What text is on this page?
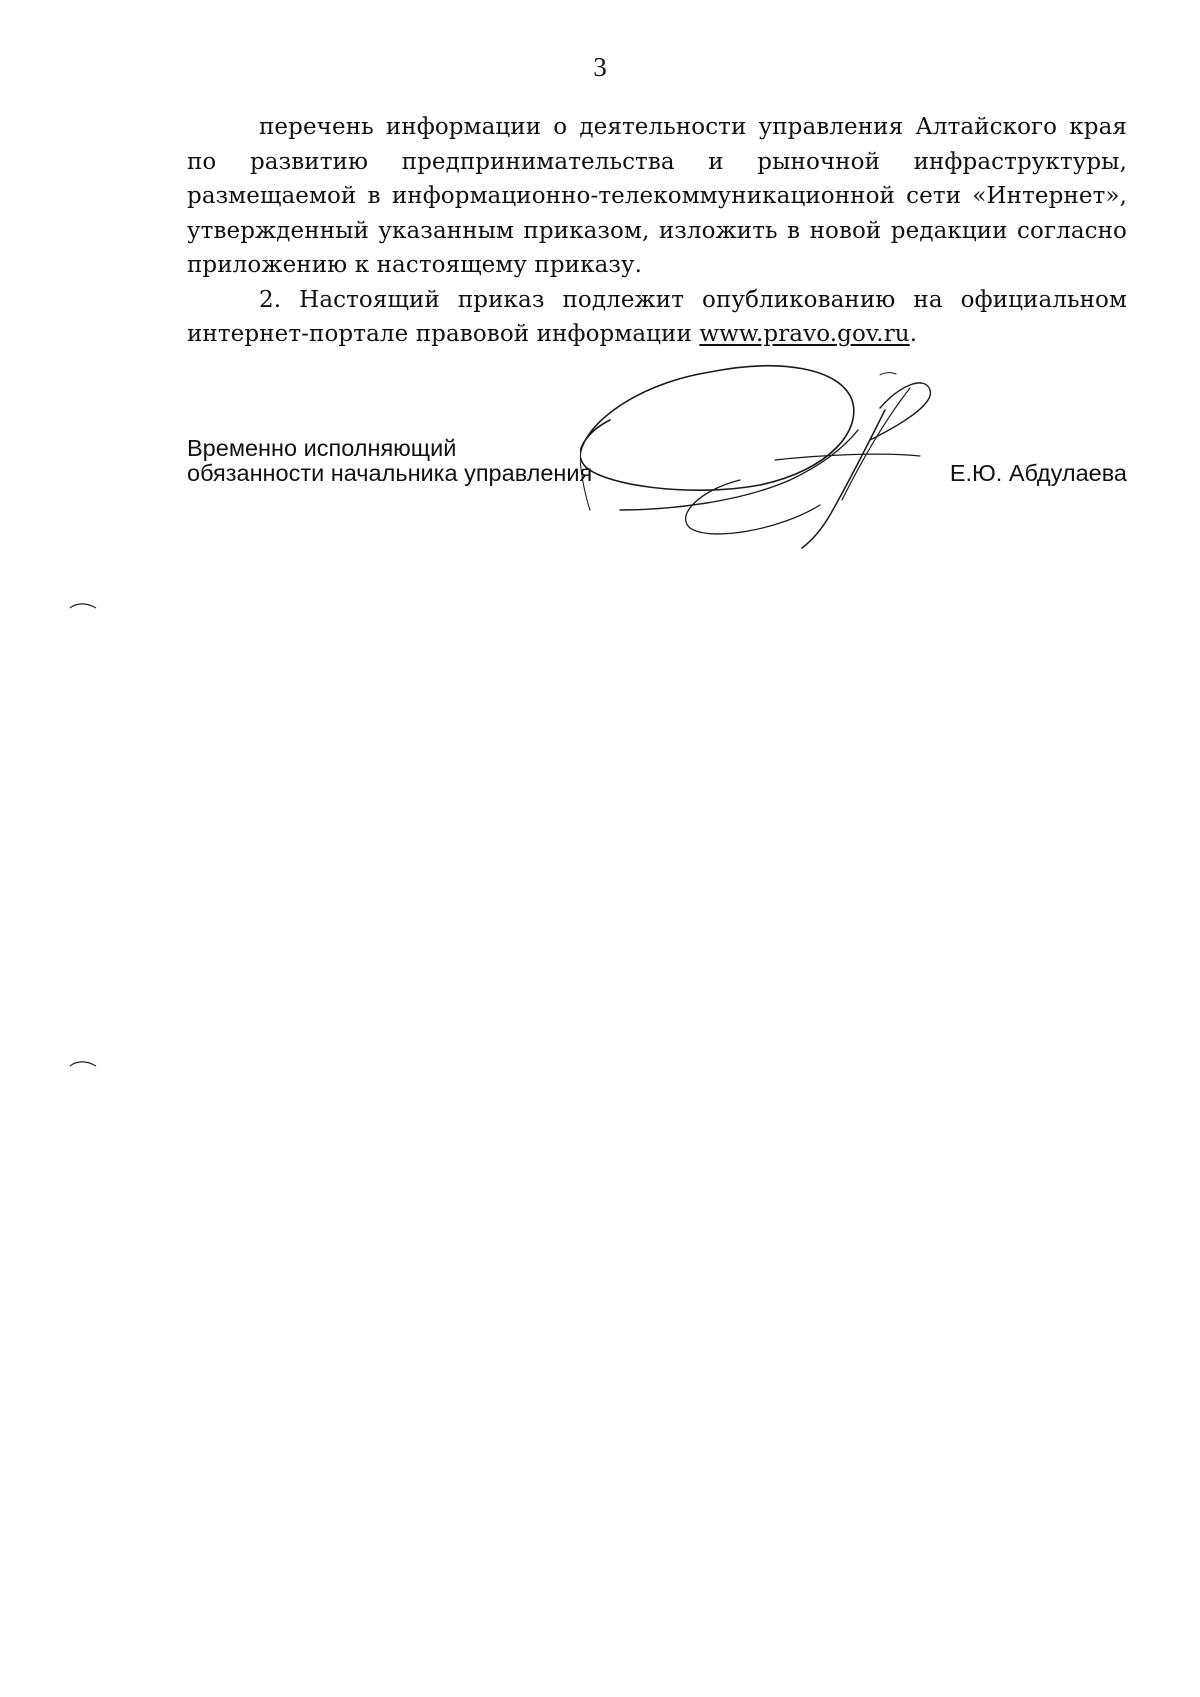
3

перечень информации о деятельности управления Алтайского края по развитию предпринимательства и рыночной инфраструктуры, размещаемой в информационно-телекоммуникационной сети «Интернет», утвержденный указанным приказом, изложить в новой редакции согласно приложению к настоящему приказу.

2. Настоящий приказ подлежит опубликованию на официальном интернет-портале правовой информации www.pravo.gov.ru.

Временно исполняющий
обязанности начальника управления	Е.Ю. Абдулаева
